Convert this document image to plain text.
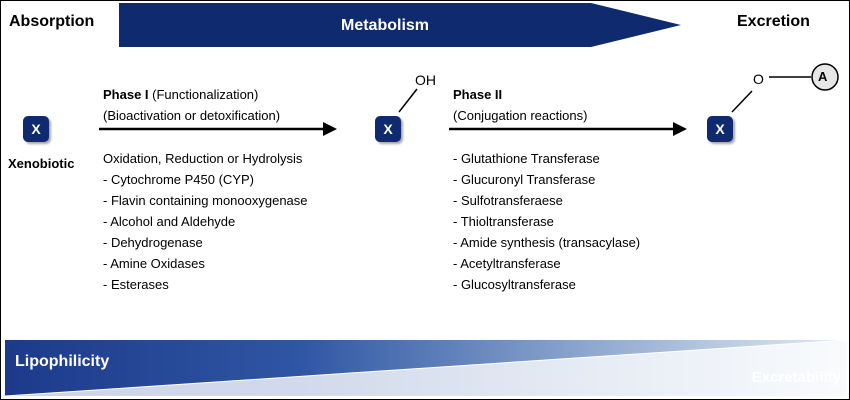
Absorption	Metabolism	Excretion
X
Xenobiotic
X
OH
X
O	A
Phase I (Functionalization)
(Bioactivation or detoxification)
Oxidation, Reduction or Hydrolysis
- Cytochrome P450 (CYP)
- Flavin containing monooxygenase
- Alcohol and Aldehyde
- Dehydrogenase
- Amine Oxidases
- Esterases
Phase II
(Conjugation reactions)
- Glutathione Transferase
- Glucuronyl Transferase
- Sulfotransferaese
- Thioltransferase
- Amide synthesis (transacylase)
- Acetyltransferase
- Glucosyltransferase
Lipophilicity
Excretability
